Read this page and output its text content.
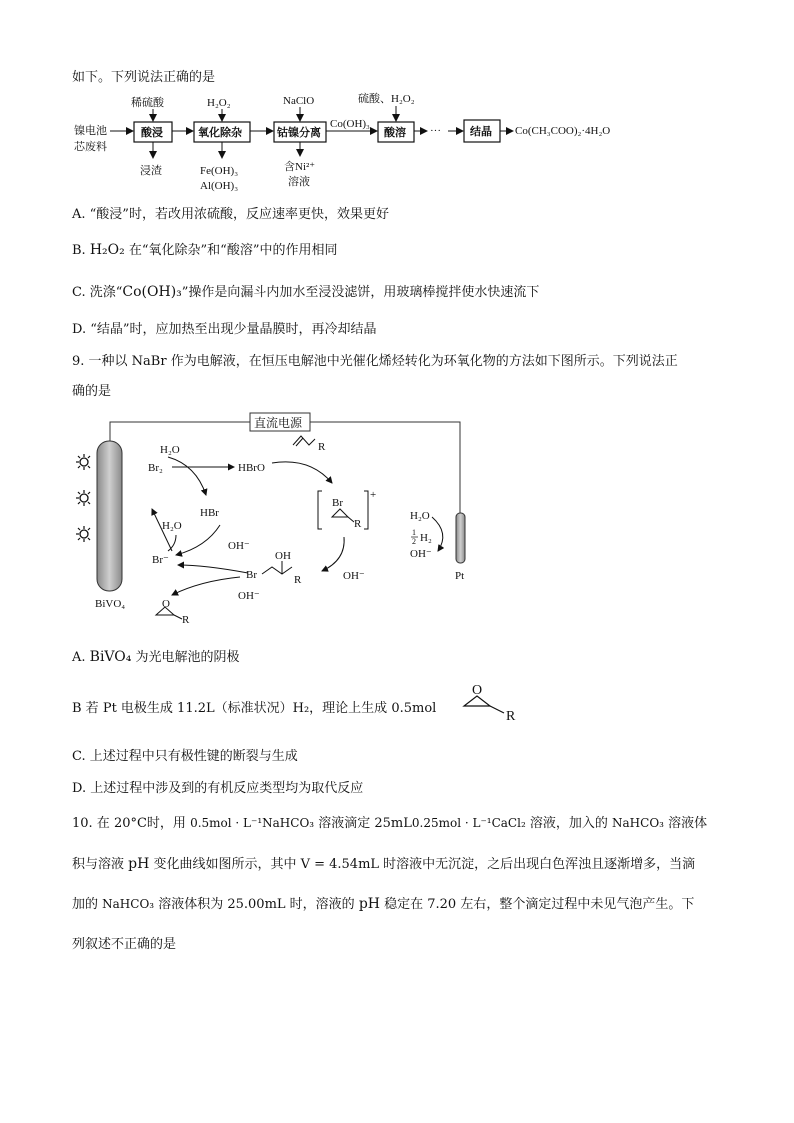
如下。下列说法正确的是
镍电池
芯废料
酸浸
稀硫酸
浸渣
氧化除杂
H₂O₂
Fe(OH)₃
Al(OH)₃
钴镍分离
NaClO
含Ni²⁺
溶液
Co(OH)₃
酸溶
硫酸、H₂O₂
···	结晶 Co(CH₃COO)₂·4H₂O
A. “酸浸”时，若改用浓硫酸，反应速率更快，效果更好
B. H₂O₂ 在“氧化除杂”和“酸溶”中的作用相同
C. 洗涤“Co(OH)₃”操作是向漏斗内加水至浸没滤饼，用玻璃棒搅拌使水快速流下
D. “结晶”时，应加热至出现少量晶膜时，再冷却结晶
9. 一种以 NaBr 作为电解液，在恒压电解池中光催化烯烃转化为环氧化物的方法如下图所示。下列说法正
确的是
直流电源
BiVO₄
H₂O
Br₂	HBrO
R
Br
R
+
OH⁻
HBr
H₂O
OH⁻
Br⁻
Br
OH
R
OH⁻
O
R
Pt
H₂O
1
2 H₂
OH⁻
A. BiVO₄ 为光电解池的阴极
B 若 Pt 电极生成 11.2L（标准状况）H₂，理论上生成 0.5mol
O
R
C. 上述过程中只有极性键的断裂与生成
D. 上述过程中涉及到的有机反应类型均为取代反应
10. 在 20°C时，用 0.5mol · L⁻¹NaHCO₃ 溶液滴定 25mL0.25mol · L⁻¹CaCl₂ 溶液，加入的 NaHCO₃ 溶液体
积与溶液 pH 变化曲线如图所示，其中 V = 4.54mL 时溶液中无沉淀，之后出现白色浑浊且逐渐增多，当滴
加的 NaHCO₃ 溶液体积为 25.00mL 时，溶液的 pH 稳定在 7.20 左右，整个滴定过程中未见气泡产生。下
列叙述不正确的是
